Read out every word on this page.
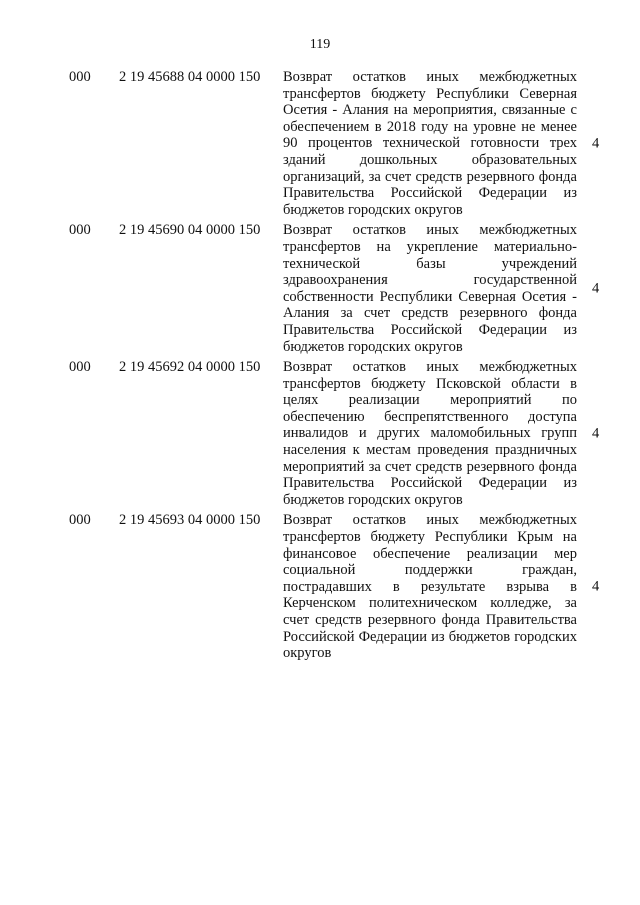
119
000 2 19 45688 04 0000 150 Возврат остатков иных межбюджетных трансфертов бюджету Республики Северная Осетия - Алания на мероприятия, связанные с обеспечением в 2018 году на уровне не менее 90 процентов технической готовности трех зданий дошкольных образовательных организаций, за счет средств резервного фонда Правительства Российской Федерации из бюджетов городских округов
4
000 2 19 45690 04 0000 150 Возврат остатков иных межбюджетных трансфертов на укрепление материально-технической базы учреждений здравоохранения государственной собственности Республики Северная Осетия - Алания за счет средств резервного фонда Правительства Российской Федерации из бюджетов городских округов
4
000 2 19 45692 04 0000 150 Возврат остатков иных межбюджетных трансфертов бюджету Псковской области в целях реализации мероприятий по обеспечению беспрепятственного доступа инвалидов и других маломобильных групп населения к местам проведения праздничных мероприятий за счет средств резервного фонда Правительства Российской Федерации из бюджетов городских округов
4
000 2 19 45693 04 0000 150 Возврат остатков иных межбюджетных трансфертов бюджету Республики Крым на финансовое обеспечение реализации мер социальной поддержки граждан, пострадавших в результате взрыва в Керченском политехническом колледже, за счет средств резервного фонда Правительства Российской Федерации из бюджетов городских округов
4
